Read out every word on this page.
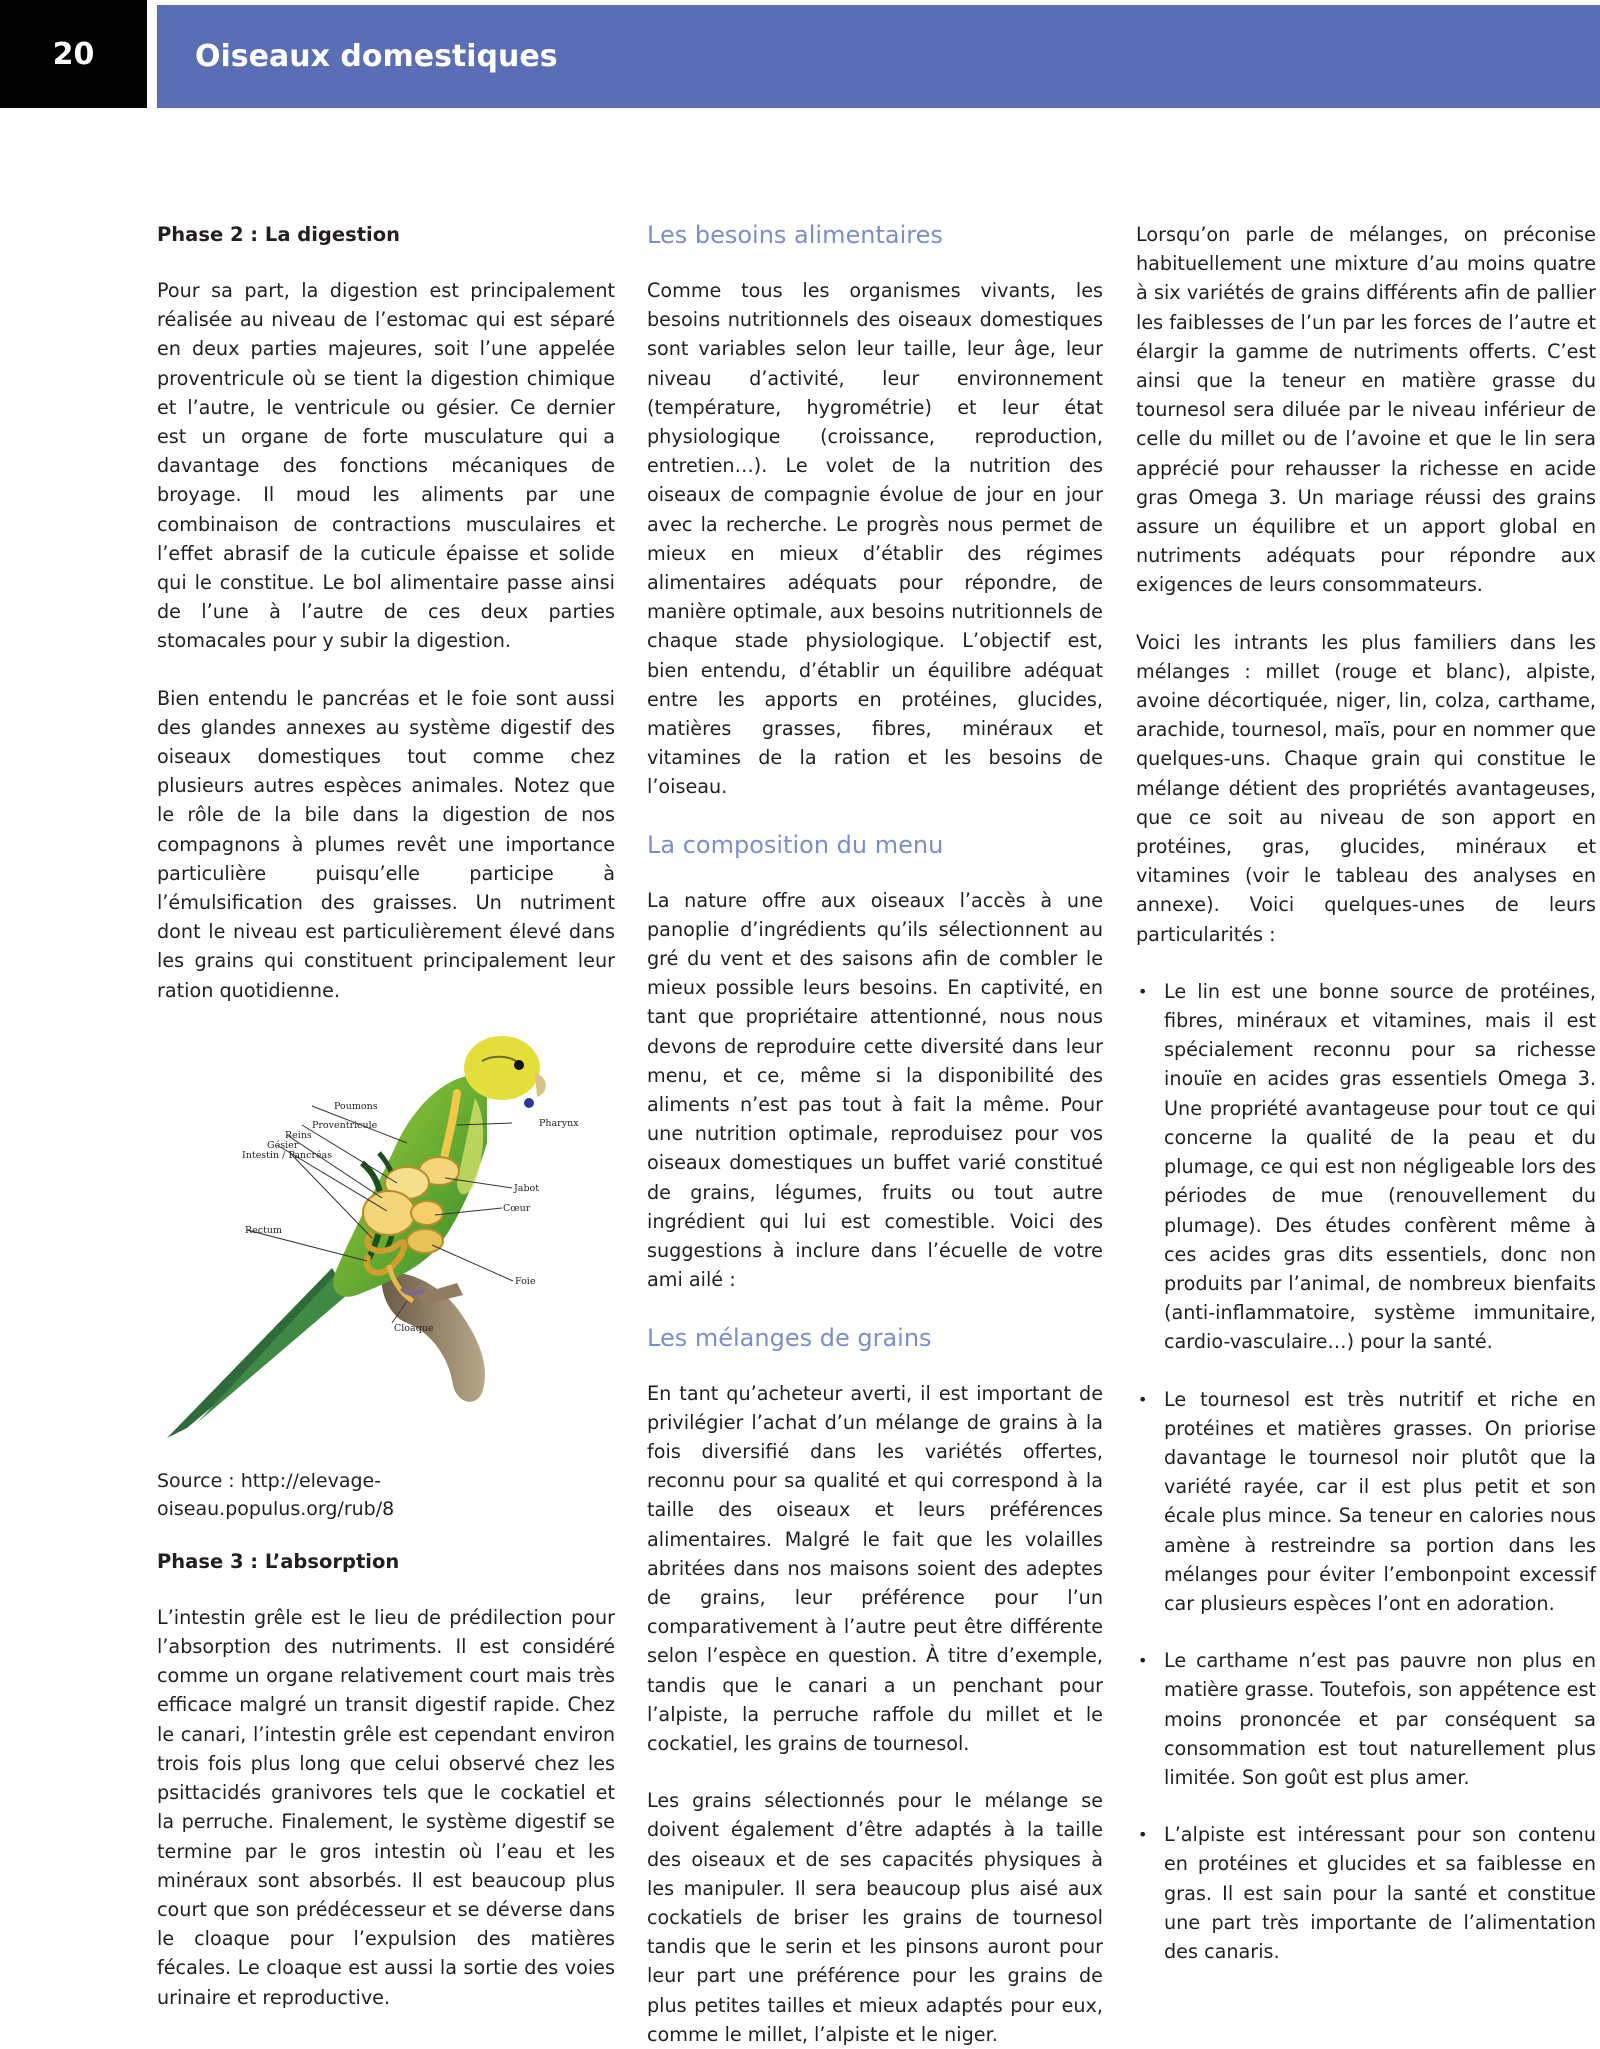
20	Oiseaux domestiques
Phase 2 : La digestion

Pour sa part, la digestion est principalement réalisée au niveau de l’estomac qui est séparé en deux parties majeures, soit l’une appelée proventricule où se tient la digestion chimique et l’autre, le ventricule ou gésier. Ce dernier est un organe de forte musculature qui a davantage des fonctions mécaniques de broyage. Il moud les aliments par une combinaison de contractions musculaires et l’effet abrasif de la cuticule épaisse et solide qui le constitue. Le bol alimentaire passe ainsi de l’une à l’autre de ces deux parties stomacales pour y subir la digestion.

Bien entendu le pancréas et le foie sont aussi des glandes annexes au système digestif des oiseaux domestiques tout comme chez plusieurs autres espèces animales. Notez que le rôle de la bile dans la digestion de nos compagnons à plumes revêt une importance particulière puisqu’elle participe à l’émulsification des graisses. Un nutriment dont le niveau est particulièrement élevé dans les grains qui constituent principalement leur ration quotidienne.

Poumons
Proventricule
Reins
Gésier
Intestin / Pancréas
Rectum
Pharynx
Jabot
Cœur
Foie
Cloaque
Source : http://elevage-oiseau.populus.org/rub/8
Phase 3 : L’absorption

L’intestin grêle est le lieu de prédilection pour l’absorption des nutriments. Il est considéré comme un organe relativement court mais très efficace malgré un transit digestif rapide. Chez le canari, l’intestin grêle est cependant environ trois fois plus long que celui observé chez les psittacidés granivores tels que le cockatiel et la perruche. Finalement, le système digestif se termine par le gros intestin où l’eau et les minéraux sont absorbés. Il est beaucoup plus court que son prédécesseur et se déverse dans le cloaque pour l’expulsion des matières fécales. Le cloaque est aussi la sortie des voies urinaire et reproductive.

Les besoins alimentaires

Comme tous les organismes vivants, les besoins nutritionnels des oiseaux domestiques sont variables selon leur taille, leur âge, leur niveau d’activité, leur environnement (température, hygrométrie) et leur état physiologique (croissance, reproduction, entretien…). Le volet de la nutrition des oiseaux de compagnie évolue de jour en jour avec la recherche. Le progrès nous permet de mieux en mieux d’établir des régimes alimentaires adéquats pour répondre, de manière optimale, aux besoins nutritionnels de chaque stade physiologique. L’objectif est, bien entendu, d’établir un équilibre adéquat entre les apports en protéines, glucides, matières grasses, fibres, minéraux et vitamines de la ration et les besoins de l’oiseau.

La composition du menu

La nature offre aux oiseaux l’accès à une panoplie d’ingrédients qu’ils sélectionnent au gré du vent et des saisons afin de combler le mieux possible leurs besoins. En captivité, en tant que propriétaire attentionné, nous nous devons de reproduire cette diversité dans leur menu, et ce, même si la disponibilité des aliments n’est pas tout à fait la même. Pour une nutrition optimale, reproduisez pour vos oiseaux domestiques un buffet varié constitué de grains, légumes, fruits ou tout autre ingrédient qui lui est comestible. Voici des suggestions à inclure dans l’écuelle de votre ami ailé :

Les mélanges de grains

En tant qu’acheteur averti, il est important de privilégier l’achat d’un mélange de grains à la fois diversifié dans les variétés offertes, reconnu pour sa qualité et qui correspond à la taille des oiseaux et leurs préférences alimentaires. Malgré le fait que les volailles abritées dans nos maisons soient des adeptes de grains, leur préférence pour l’un comparativement à l’autre peut être différente selon l’espèce en question. À titre d’exemple, tandis que le canari a un penchant pour l’alpiste, la perruche raffole du millet et le cockatiel, les grains de tournesol.

Les grains sélectionnés pour le mélange se doivent également d’être adaptés à la taille des oiseaux et de ses capacités physiques à les manipuler. Il sera beaucoup plus aisé aux cockatiels de briser les grains de tournesol tandis que le serin et les pinsons auront pour leur part une préférence pour les grains de plus petites tailles et mieux adaptés pour eux, comme le millet, l’alpiste et le niger.

Lorsqu’on parle de mélanges, on préconise habituellement une mixture d’au moins quatre à six variétés de grains différents afin de pallier les faiblesses de l’un par les forces de l’autre et élargir la gamme de nutriments offerts. C’est ainsi que la teneur en matière grasse du tournesol sera diluée par le niveau inférieur de celle du millet ou de l’avoine et que le lin sera apprécié pour rehausser la richesse en acide gras Omega 3. Un mariage réussi des grains assure un équilibre et un apport global en nutriments adéquats pour répondre aux exigences de leurs consommateurs.

Voici les intrants les plus familiers dans les mélanges : millet (rouge et blanc), alpiste, avoine décortiquée, niger, lin, colza, carthame, arachide, tournesol, maïs, pour en nommer que quelques-uns. Chaque grain qui constitue le mélange détient des propriétés avantageuses, que ce soit au niveau de son apport en protéines, gras, glucides, minéraux et vitamines (voir le tableau des analyses en annexe). Voici quelques-unes de leurs particularités :

• Le lin est une bonne source de protéines, fibres, minéraux et vitamines, mais il est spécialement reconnu pour sa richesse inouïe en acides gras essentiels Omega 3. Une propriété avantageuse pour tout ce qui concerne la qualité de la peau et du plumage, ce qui est non négligeable lors des périodes de mue (renouvellement du plumage). Des études confèrent même à ces acides gras dits essentiels, donc non produits par l’animal, de nombreux bienfaits (anti-inflammatoire, système immunitaire, cardio-vasculaire…) pour la santé.
• Le tournesol est très nutritif et riche en protéines et matières grasses. On priorise davantage le tournesol noir plutôt que la variété rayée, car il est plus petit et son écale plus mince. Sa teneur en calories nous amène à restreindre sa portion dans les mélanges pour éviter l’embonpoint excessif car plusieurs espèces l’ont en adoration.
• Le carthame n’est pas pauvre non plus en matière grasse. Toutefois, son appétence est moins prononcée et par conséquent sa consommation est tout naturellement plus limitée. Son goût est plus amer.
• L’alpiste est intéressant pour son contenu en protéines et glucides et sa faiblesse en gras. Il est sain pour la santé et constitue une part très importante de l’alimentation des canaris.
